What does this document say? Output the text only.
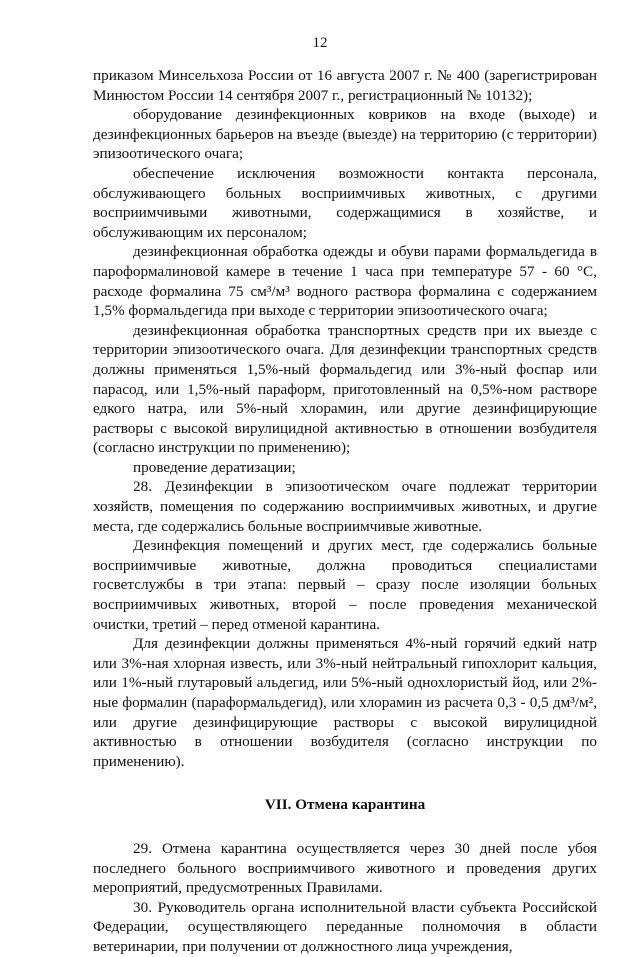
12

приказом Минсельхоза России от 16 августа 2007 г. № 400 (зарегистрирован Минюстом России 14 сентября 2007 г., регистрационный № 10132);

оборудование дезинфекционных ковриков на входе (выходе) и дезинфекционных барьеров на въезде (выезде) на территорию (с территории) эпизоотического очага;

обеспечение исключения возможности контакта персонала, обслуживающего больных восприимчивых животных, с другими восприимчивыми животными, содержащимися в хозяйстве, и обслуживающим их персоналом;

дезинфекционная обработка одежды и обуви парами формальдегида в пароформалиновой камере в течение 1 часа при температуре 57 - 60 °С, расходе формалина 75 см³/м³ водного раствора формалина с содержанием 1,5% формальдегида при выходе с территории эпизоотического очага;

дезинфекционная обработка транспортных средств при их выезде с территории эпизоотического очага. Для дезинфекции транспортных средств должны применяться 1,5%-ный формальдегид или 3%-ный фоспар или парасод, или 1,5%-ный параформ, приготовленный на 0,5%-ном растворе едкого натра, или 5%-ный хлорамин, или другие дезинфицирующие растворы с высокой вирулицидной активностью в отношении возбудителя (согласно инструкции по применению);

проведение дератизации;

28. Дезинфекции в эпизоотическом очаге подлежат территории хозяйств, помещения по содержанию восприимчивых животных, и другие места, где содержались больные восприимчивые животные.

Дезинфекция помещений и других мест, где содержались больные восприимчивые животные, должна проводиться специалистами госветслужбы в три этапа: первый – сразу после изоляции больных восприимчивых животных, второй – после проведения механической очистки, третий – перед отменой карантина.

Для дезинфекции должны применяться 4%-ный горячий едкий натр или 3%-ная хлорная известь, или 3%-ный нейтральный гипохлорит кальция, или 1%-ный глутаровый альдегид, или 5%-ный однохлористый йод, или 2%-ные формалин (параформальдегид), или хлорамин из расчета 0,3 - 0,5 дм³/м², или другие дезинфицирующие растворы с высокой вирулицидной активностью в отношении возбудителя (согласно инструкции по применению).

VII. Отмена карантина

29. Отмена карантина осуществляется через 30 дней после убоя последнего больного восприимчивого животного и проведения других мероприятий, предусмотренных Правилами.

30. Руководитель органа исполнительной власти субъекта Российской Федерации, осуществляющего переданные полномочия в области ветеринарии, при получении от должностного лица учреждения,
